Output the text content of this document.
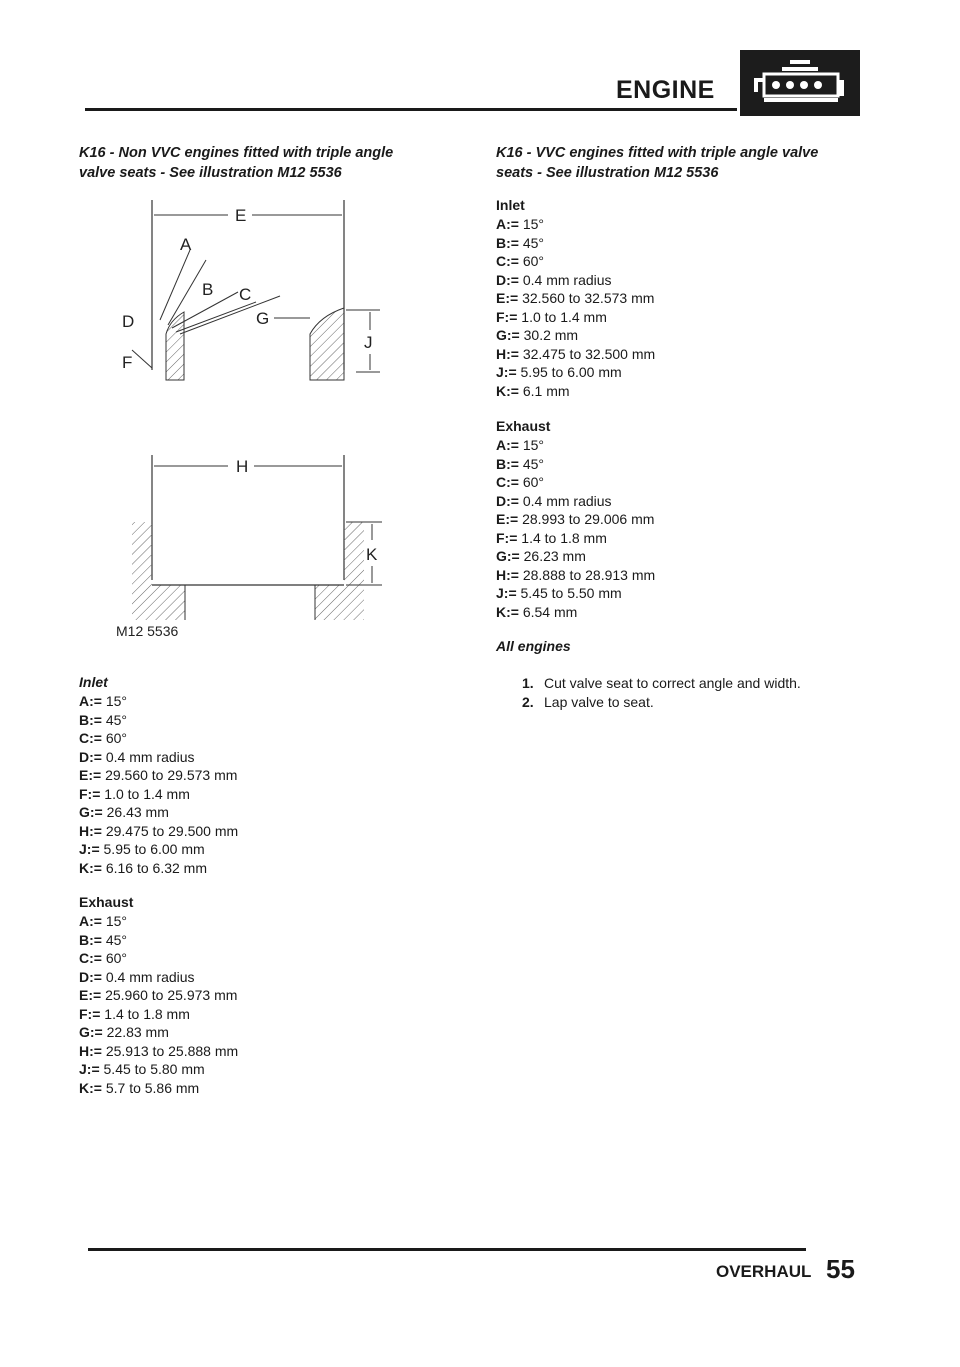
ENGINE

K16 - Non VVC engines fitted with triple angle

valve seats - See illustration M12 5536

E
A
B C
D
F
G
J
H
K
M12 5536

Inlet

A:= 15°

B:= 45°

C:= 60°

D:= 0.4 mm radius

E:= 29.560 to 29.573 mm

F:= 1.0 to 1.4 mm

G:= 26.43 mm

H:= 29.475 to 29.500 mm

J:= 5.95 to 6.00 mm

K:= 6.16 to 6.32 mm

Exhaust

A:= 15°

B:= 45°

C:= 60°

D:= 0.4 mm radius

E:= 25.960 to 25.973 mm

F:= 1.4 to 1.8 mm

G:= 22.83 mm

H:= 25.913 to 25.888 mm

J:= 5.45 to 5.80 mm

K:= 5.7 to 5.86 mm

K16 - VVC engines fitted with triple angle valve

seats - See illustration M12 5536

Inlet

A:= 15°

B:= 45°

C:= 60°

D:= 0.4 mm radius

E:= 32.560 to 32.573 mm

F:= 1.0 to 1.4 mm

G:= 30.2 mm

H:= 32.475 to 32.500 mm

J:= 5.95 to 6.00 mm

K:= 6.1 mm

Exhaust

A:= 15°

B:= 45°

C:= 60°

D:= 0.4 mm radius

E:= 28.993 to 29.006 mm

F:= 1.4 to 1.8 mm

G:= 26.23 mm

H:= 28.888 to 28.913 mm

J:= 5.45 to 5.50 mm

K:= 6.54 mm

All engines

1. Cut valve seat to correct angle and width.
2. Lap valve to seat.
OVERHAUL 55
